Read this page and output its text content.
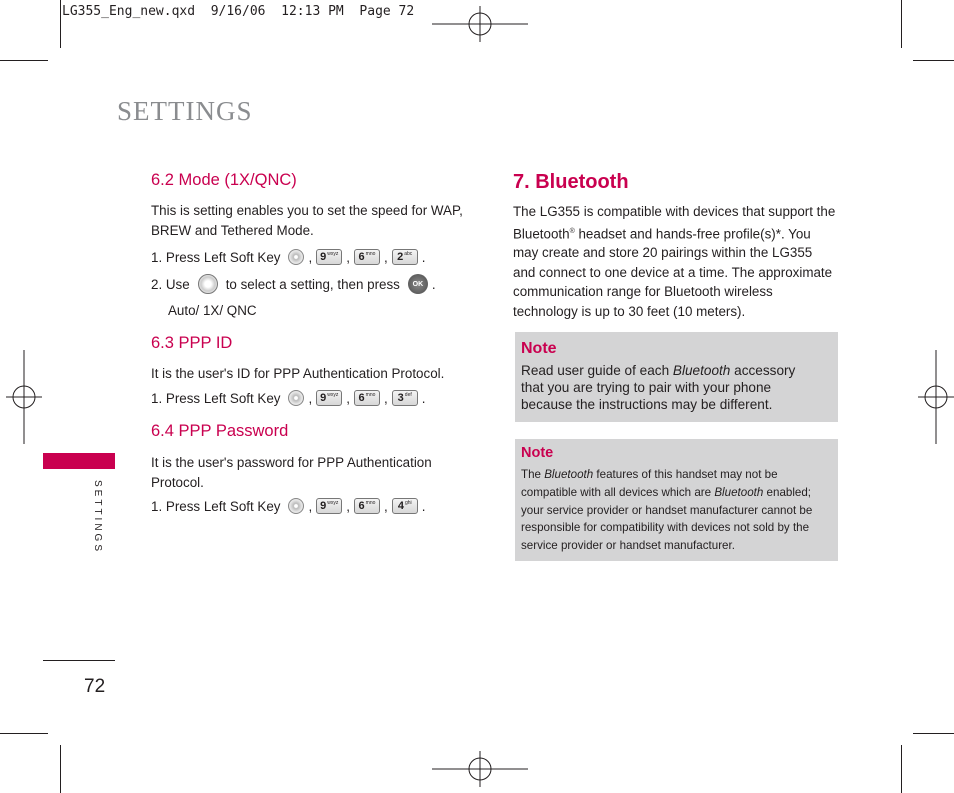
LG355_Eng_new.qxd  9/16/06  12:13 PM  Page 72
SETTINGS
SETTINGS
72
6.2 Mode (1X/QNC)
This is setting enables you to set the speed for WAP, BREW and Tethered Mode.
1. Press Left Soft Key , $9^{wxyz}$ , $6^{mno}$ , $2^{abc}$ .
2. Use	to select a setting, then press	OK .
Auto/ 1X/ QNC
6.3 PPP ID
It is the user's ID for PPP Authentication Protocol.
1. Press Left Soft Key , $9^{wxyz}$ , $6^{mno}$ , $3^{def}$ .
6.4 PPP Password
It is the user's password for PPP Authentication Protocol.
1. Press Left Soft Key , $9^{wxyz}$ , $6^{mno}$ , $4^{ghi}$ .
7. Bluetooth
The LG355 is compatible with devices that support the Bluetooth® headset and hands-free profile(s)*. You may create and store 20 pairings within the LG355 and connect to one device at a time. The approximate communication range for Bluetooth wireless technology is up to 30 feet (10 meters).
Note
Read user guide of each Bluetooth accessory that you are trying to pair with your phone because the instructions may be different.
Note
The Bluetooth features of this handset may not be compatible with all devices which are Bluetooth enabled; your service provider or handset manufacturer cannot be responsible for compatibility with devices not sold by the service provider or handset manufacturer.
